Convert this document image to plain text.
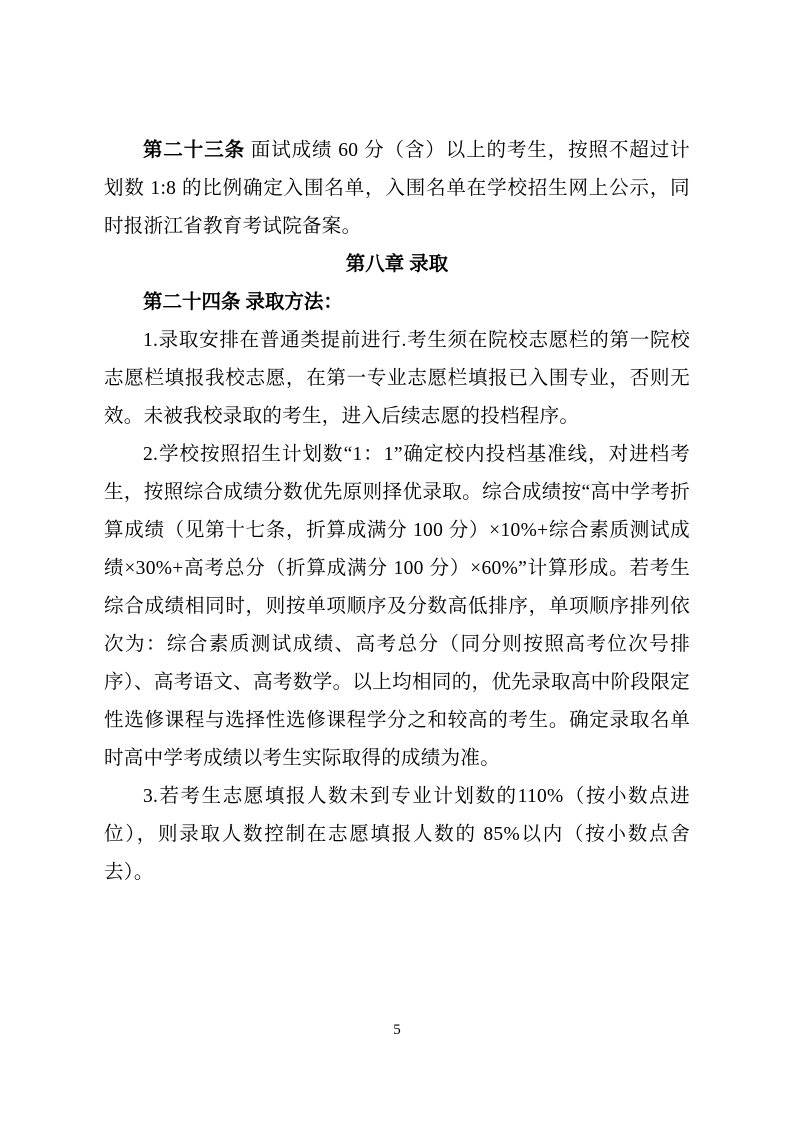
第二十三条 面试成绩 60 分（含）以上的考生，按照不超过计划数 1:8 的比例确定入围名单，入围名单在学校招生网上公示，同时报浙江省教育考试院备案。

第八章 录取

第二十四条 录取方法：

1.录取安排在普通类提前进行.考生须在院校志愿栏的第一院校志愿栏填报我校志愿，在第一专业志愿栏填报已入围专业，否则无效。未被我校录取的考生，进入后续志愿的投档程序。

2.学校按照招生计划数“1：1”确定校内投档基准线，对进档考生，按照综合成绩分数优先原则择优录取。综合成绩按“高中学考折算成绩（见第十七条，折算成满分 100 分）×10%+综合素质测试成绩×30%+高考总分（折算成满分 100 分）×60%”计算形成。若考生综合成绩相同时，则按单项顺序及分数高低排序，单项顺序排列依次为：综合素质测试成绩、高考总分（同分则按照高考位次号排序）、高考语文、高考数学。以上均相同的，优先录取高中阶段限定性选修课程与选择性选修课程学分之和较高的考生。确定录取名单时高中学考成绩以考生实际取得的成绩为准。

3.若考生志愿填报人数未到专业计划数的110%（按小数点进位），则录取人数控制在志愿填报人数的 85%以内（按小数点舍去）。

5
